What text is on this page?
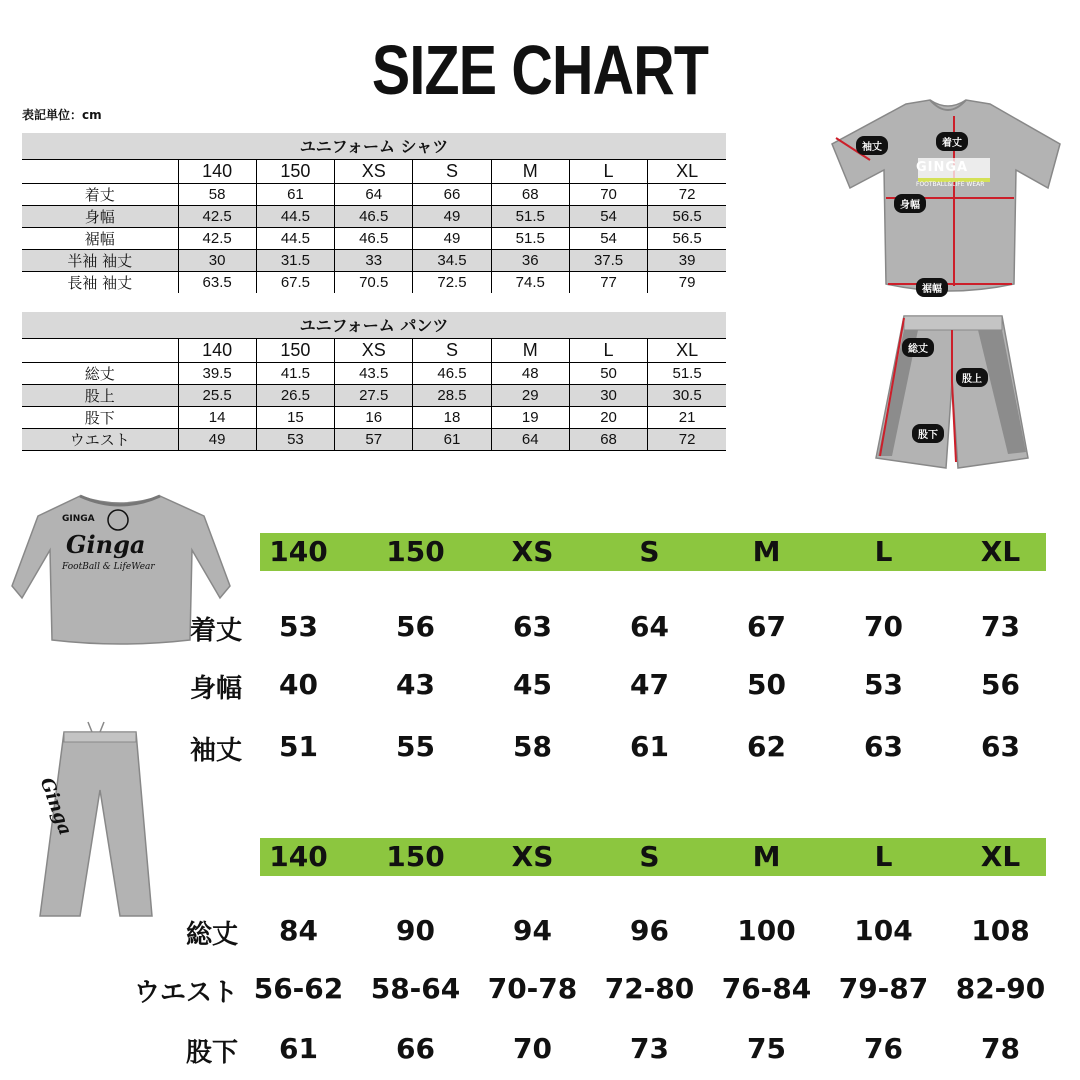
SIZE CHART
表記単位：cm
ユニフォーム シャツ							
	140	150	XS	S	M	L	XL
着丈	58	61	64	66	68	70	72
身幅	42.5	44.5	46.5	49	51.5	54	56.5
裾幅	42.5	44.5	46.5	49	51.5	54	56.5
半袖 袖丈	30	31.5	33	34.5	36	37.5	39
長袖 袖丈	63.5	67.5	70.5	72.5	74.5	77	79
ユニフォーム パンツ							
	140	150	XS	S	M	L	XL
総丈	39.5	41.5	43.5	46.5	48	50	51.5
股上	25.5	26.5	27.5	28.5	29	30	30.5
股下	14	15	16	18	19	20	21
ウエスト	49	53	57	61	64	68	72
袖丈	着丈
身幅
裾幅
GINGA
FOOTBALL&LIFE WEAR
総丈
股上
股下
GINGA
Ginga
FootBall & LifeWear
Ginga
140	150	XS	S	M	L	XL
着丈	53	56	63	64	67	70	73
身幅	40	43	45	47	50	53	56
袖丈	51	55	58	61	62	63	63
140	150	XS	S	M	L	XL
総丈	84	90	94	96	100	104	108
ウエスト 56-62 58-64 70-78 72-80 76-84 79-87 82-90
股下	61	66	70	73	75	76	78
